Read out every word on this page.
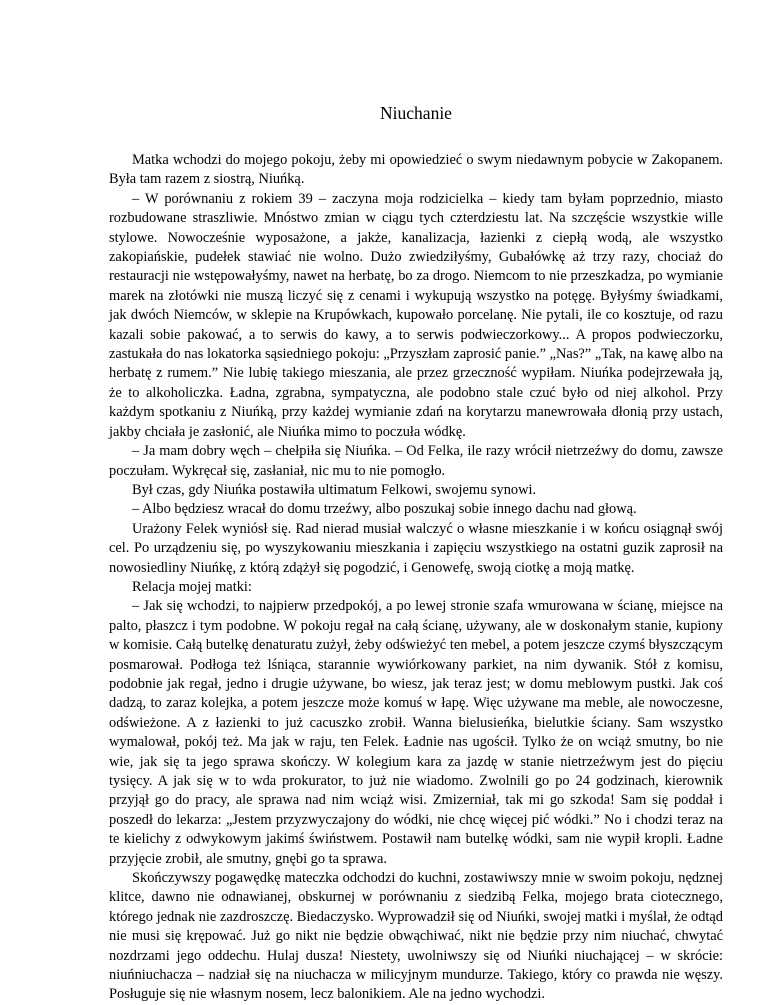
Niuchanie

Matka wchodzi do mojego pokoju, żeby mi opowiedzieć o swym niedawnym pobycie w Zakopanem. Była tam razem z siostrą, Niuńką.

– W porównaniu z rokiem 39 – zaczyna moja rodzicielka – kiedy tam byłam poprzednio, miasto rozbudowane straszliwie. Mnóstwo zmian w ciągu tych czterdziestu lat. Na szczęście wszystkie wille stylowe. Nowocześnie wyposażone, a jakże, kanalizacja, łazienki z ciepłą wodą, ale wszystko zakopiańskie, pudełek stawiać nie wolno. Dużo zwiedziłyśmy, Gubałówkę aż trzy razy, chociaż do restauracji nie wstępowałyśmy, nawet na herbatę, bo za drogo. Niemcom to nie przeszkadza, po wymianie marek na złotówki nie muszą liczyć się z cenami i wykupują wszystko na potęgę. Byłyśmy świadkami, jak dwóch Niemców, w sklepie na Krupówkach, kupowało porcelanę. Nie pytali, ile co kosztuje, od razu kazali sobie pakować, a to serwis do kawy, a to serwis podwieczorkowy... A propos podwieczorku, zastukała do nas lokatorka sąsiedniego pokoju: „Przyszłam zaprosić panie.” „Nas?” „Tak, na kawę albo na herbatę z rumem.” Nie lubię takiego mieszania, ale przez grzeczność wypiłam. Niuńka podejrzewała ją, że to alkoholiczka. Ładna, zgrabna, sympatyczna, ale podobno stale czuć było od niej alkohol. Przy każdym spotkaniu z Niuńką, przy każdej wymianie zdań na korytarzu manewrowała dłonią przy ustach, jakby chciała je zasłonić, ale Niuńka mimo to poczuła wódkę.

– Ja mam dobry węch – chełpiła się Niuńka. – Od Felka, ile razy wrócił nietrzeźwy do domu, zawsze poczułam. Wykręcał się, zasłaniał, nic mu to nie pomogło.

Był czas, gdy Niuńka postawiła ultimatum Felkowi, swojemu synowi.

– Albo będziesz wracał do domu trzeźwy, albo poszukaj sobie innego dachu nad głową.

Urażony Felek wyniósł się. Rad nierad musiał walczyć o własne mieszkanie i w końcu osiągnął swój cel. Po urządzeniu się, po wyszykowaniu mieszkania i zapięciu wszystkiego na ostatni guzik zaprosił na nowosiedliny Niuńkę, z którą zdążył się pogodzić, i Genowefę, swoją ciotkę a moją matkę.

Relacja mojej matki:

– Jak się wchodzi, to najpierw przedpokój, a po lewej stronie szafa wmurowana w ścianę, miejsce na palto, płaszcz i tym podobne. W pokoju regał na całą ścianę, używany, ale w doskonałym stanie, kupiony w komisie. Całą butelkę denaturatu zużył, żeby odświeżyć ten mebel, a potem jeszcze czymś błyszczącym posmarował. Podłoga też lśniąca, starannie wywiórkowany parkiet, na nim dywanik. Stół z komisu, podobnie jak regał, jedno i drugie używane, bo wiesz, jak teraz jest; w domu meblowym pustki. Jak coś dadzą, to zaraz kolejka, a potem jeszcze może komuś w łapę. Więc używane ma meble, ale nowoczesne, odświeżone. A z łazienki to już cacuszko zrobił. Wanna bielusieńka, bielutkie ściany. Sam wszystko wymalował, pokój też. Ma jak w raju, ten Felek. Ładnie nas ugościł. Tylko że on wciąż smutny, bo nie wie, jak się ta jego sprawa skończy. W kolegium kara za jazdę w stanie nietrzeźwym jest do pięciu tysięcy. A jak się w to wda prokurator, to już nie wiadomo. Zwolnili go po 24 godzinach, kierownik przyjął go do pracy, ale sprawa nad nim wciąż wisi. Zmizerniał, tak mi go szkoda! Sam się poddał i poszedł do lekarza: „Jestem przyzwyczajony do wódki, nie chcę więcej pić wódki.” No i chodzi teraz na te kielichy z odwykowym jakimś świństwem. Postawił nam butelkę wódki, sam nie wypił kropli. Ładne przyjęcie zrobił, ale smutny, gnębi go ta sprawa.

Skończywszy pogawędkę mateczka odchodzi do kuchni, zostawiwszy mnie w swoim pokoju, nędznej klitce, dawno nie odnawianej, obskurnej w porównaniu z siedzibą Felka, mojego brata ciotecznego, którego jednak nie zazdroszczę. Biedaczysko. Wyprowadził się od Niuńki, swojej matki i myślał, że odtąd nie musi się krępować. Już go nikt nie będzie obwąchiwać, nikt nie będzie przy nim niuchać, chwytać nozdrzami jego oddechu. Hulaj dusza! Niestety, uwolniwszy się od Niuńki niuchającej – w skrócie: niuńniuchacza – nadział się na niuchacza w milicyjnym mundurze. Takiego, który co prawda nie węszy. Posługuje się nie własnym nosem, lecz balonikiem. Ale na jedno wychodzi.
